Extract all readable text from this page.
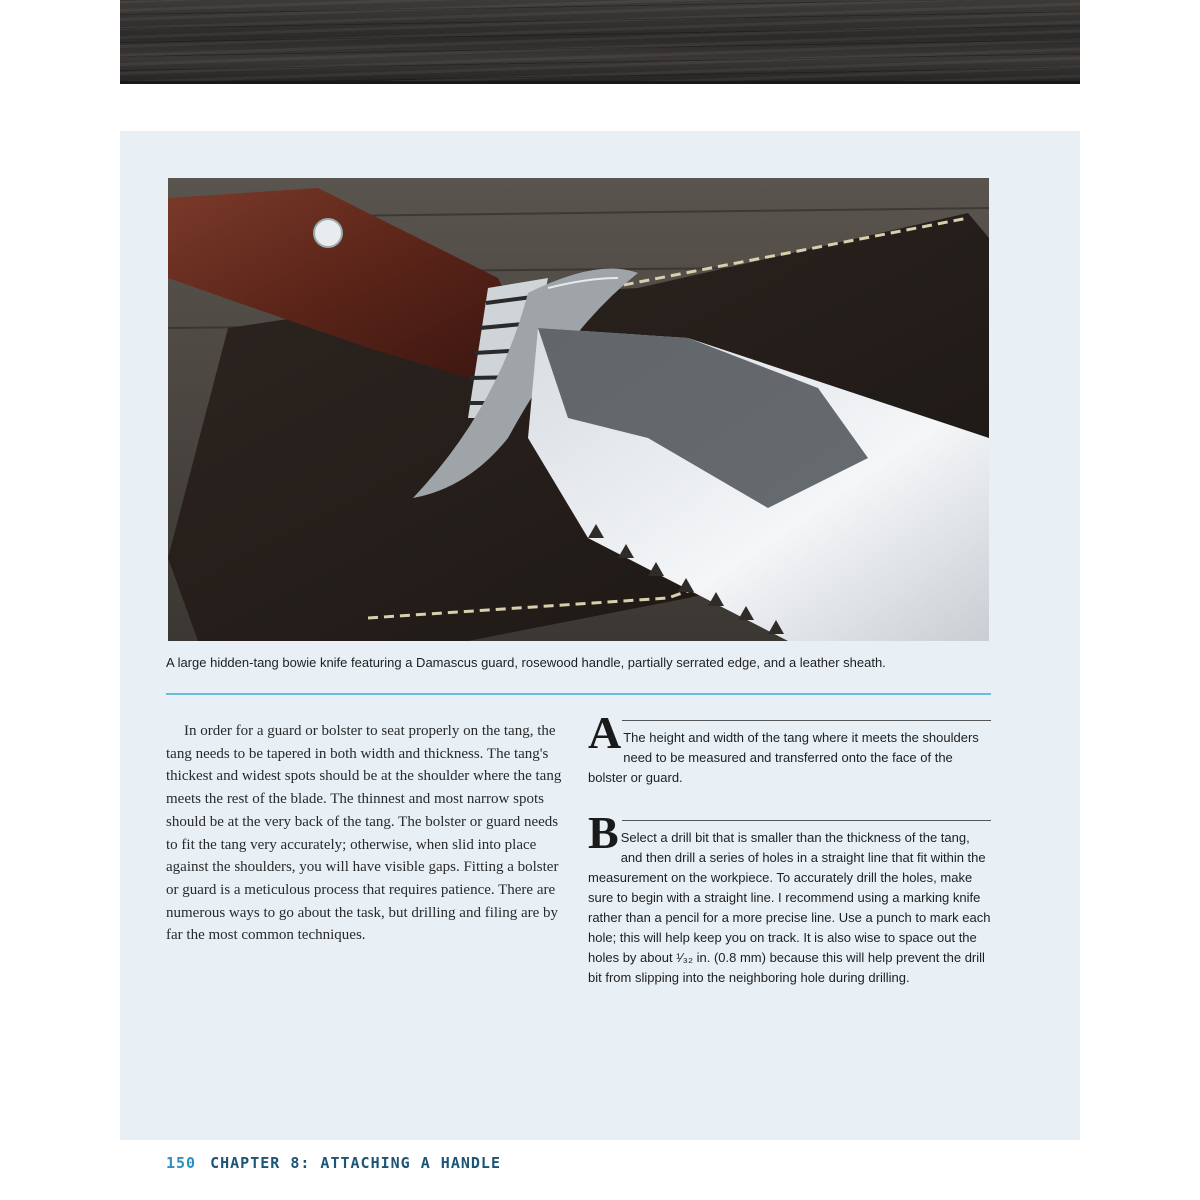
A large hidden-tang bowie knife featuring a Damascus guard, rosewood handle, partially serrated edge, and a leather sheath.

In order for a guard or bolster to seat properly on the tang, the tang needs to be tapered in both width and thickness. The tang's thickest and widest spots should be at the shoulder where the tang meets the rest of the blade. The thinnest and most narrow spots should be at the very back of the tang. The bolster or guard needs to fit the tang very accurately; otherwise, when slid into place against the shoulders, you will have visible gaps. Fitting a bolster or guard is a meticulous process that requires patience. There are numerous ways to go about the task, but drilling and filing are by far the most common techniques.

A The height and width of the tang where it meets the shoulders need to be measured and transferred onto the face of the bolster or guard.

B Select a drill bit that is smaller than the thickness of the tang, and then drill a series of holes in a straight line that fit within the measurement on the workpiece. To accurately drill the holes, make sure to begin with a straight line. I recommend using a marking knife rather than a pencil for a more precise line. Use a punch to mark each hole; this will help keep you on track. It is also wise to space out the holes by about ¹⁄₃₂ in. (0.8 mm) because this will help prevent the drill bit from slipping into the neighboring hole during drilling.

150 CHAPTER 8: ATTACHING A HANDLE
